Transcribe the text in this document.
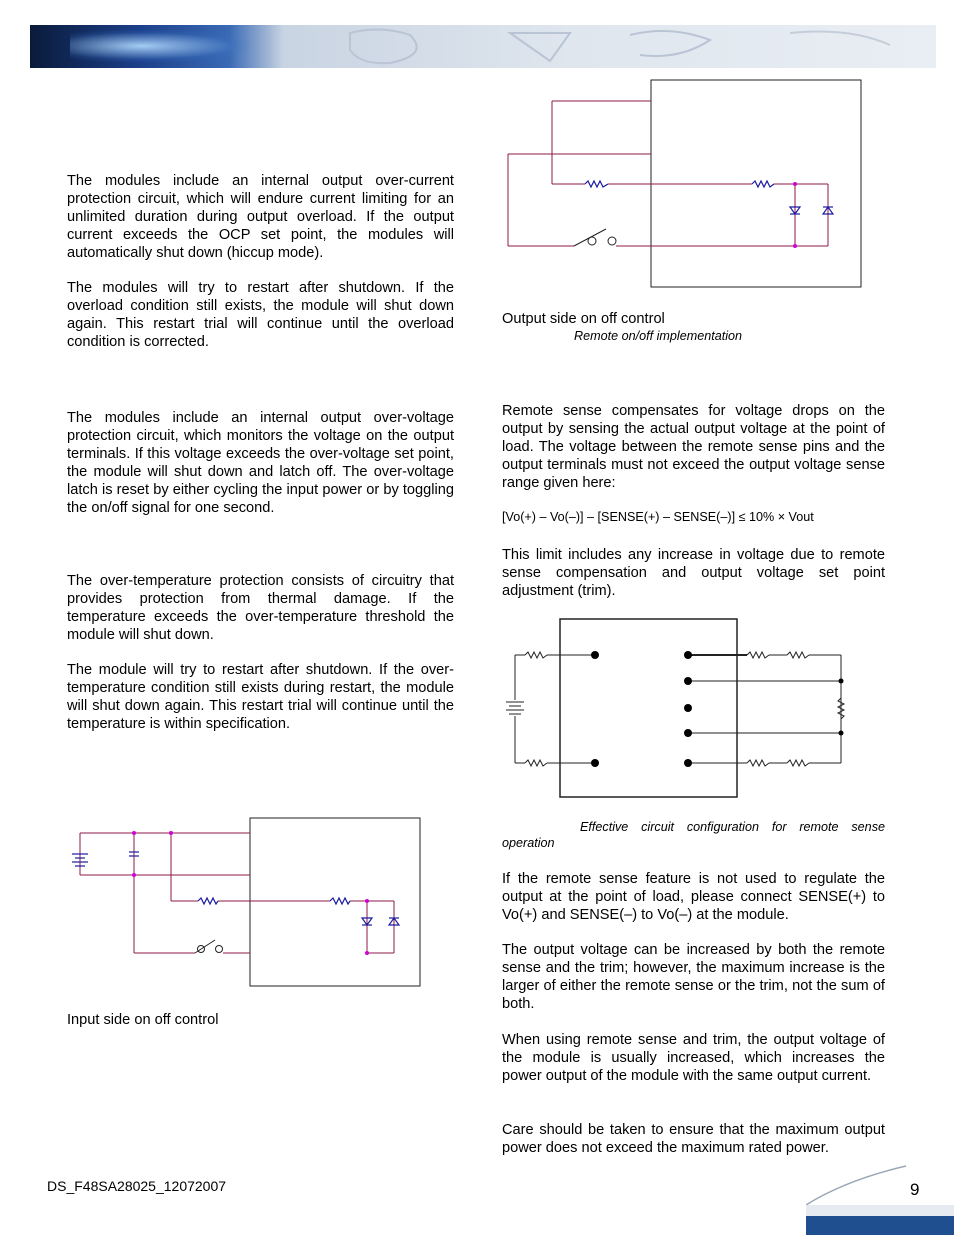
The modules include an internal output over-current protection circuit, which will endure current limiting for an unlimited duration during output overload. If the output current exceeds the OCP set point, the modules will automatically shut down (hiccup mode).

The modules will try to restart after shutdown. If the overload condition still exists, the module will shut down again. This restart trial will continue until the overload condition is corrected.

The modules include an internal output over-voltage protection circuit, which monitors the voltage on the output terminals. If this voltage exceeds the over-voltage set point, the module will shut down and latch off. The over-voltage latch is reset by either cycling the input power or by toggling the on/off signal for one second.

The over-temperature protection consists of circuitry that provides protection from thermal damage. If the temperature exceeds the over-temperature threshold the module will shut down.

The module will try to restart after shutdown. If the over-temperature condition still exists during restart, the module will shut down again. This restart trial will continue until the temperature is within specification.

Input side on off control

Output side on off control

Remote on/off implementation

Remote sense compensates for voltage drops on the output by sensing the actual output voltage at the point of load. The voltage between the remote sense pins and the output terminals must not exceed the output voltage sense range given here:

[Vo(+) – Vo(–)] – [SENSE(+) – SENSE(–)] ≤ 10% × Vout

This limit includes any increase in voltage due to remote sense compensation and output voltage set point adjustment (trim).

Effective circuit configuration for remote sense operation

If the remote sense feature is not used to regulate the output at the point of load, please connect SENSE(+) to Vo(+) and SENSE(–) to Vo(–) at the module.

The output voltage can be increased by both the remote sense and the trim; however, the maximum increase is the larger of either the remote sense or the trim, not the sum of both.

When using remote sense and trim, the output voltage of the module is usually increased, which increases the power output of the module with the same output current.

Care should be taken to ensure that the maximum output power does not exceed the maximum rated power.

DS_F48SA28025_12072007	9
